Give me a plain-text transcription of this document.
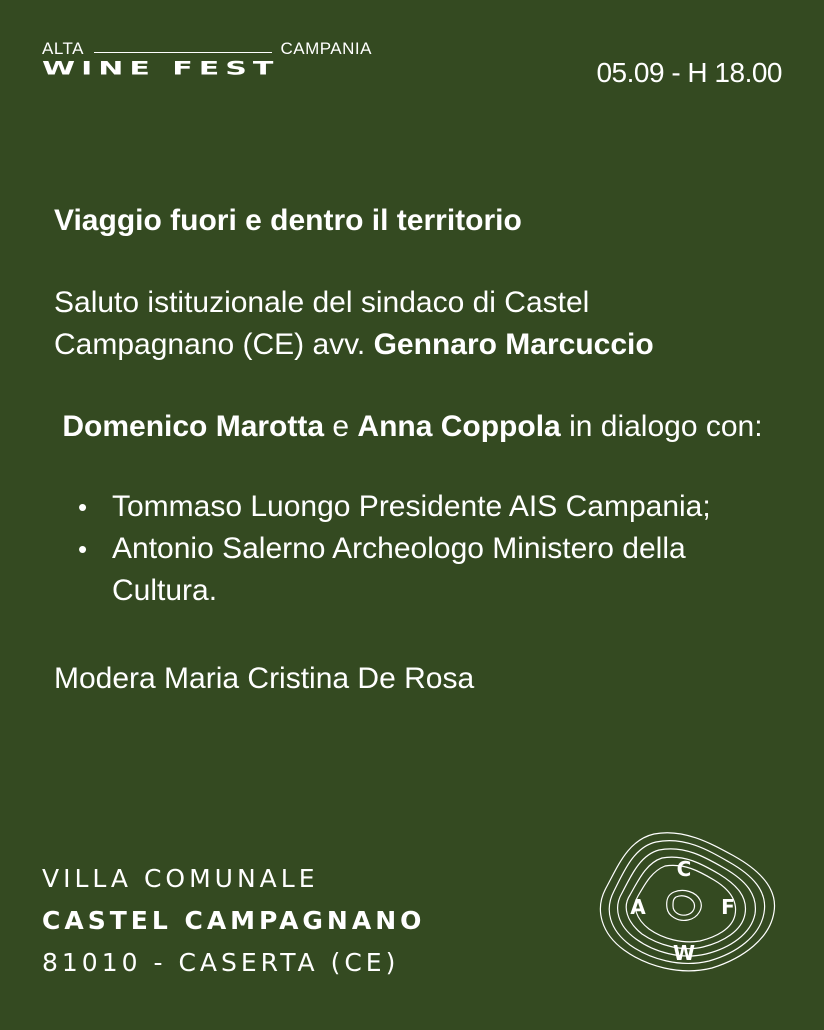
ALTA	CAMPANIA
WINE FEST	05.09 - H 18.00

Viaggio fuori e dentro il territorio

Saluto istituzionale del sindaco di Castel Campagnano (CE) avv. Gennaro Marcuccio

Domenico Marotta e Anna Coppola in dialogo con:

• Tommaso Luongo Presidente AIS Campania;
• Antonio Salerno Archeologo Ministero della Cultura.

Modera Maria Cristina De Rosa

VILLA COMUNALE
CASTEL CAMPAGNANO
81010 - CASERTA (CE)
C
A	F
W
